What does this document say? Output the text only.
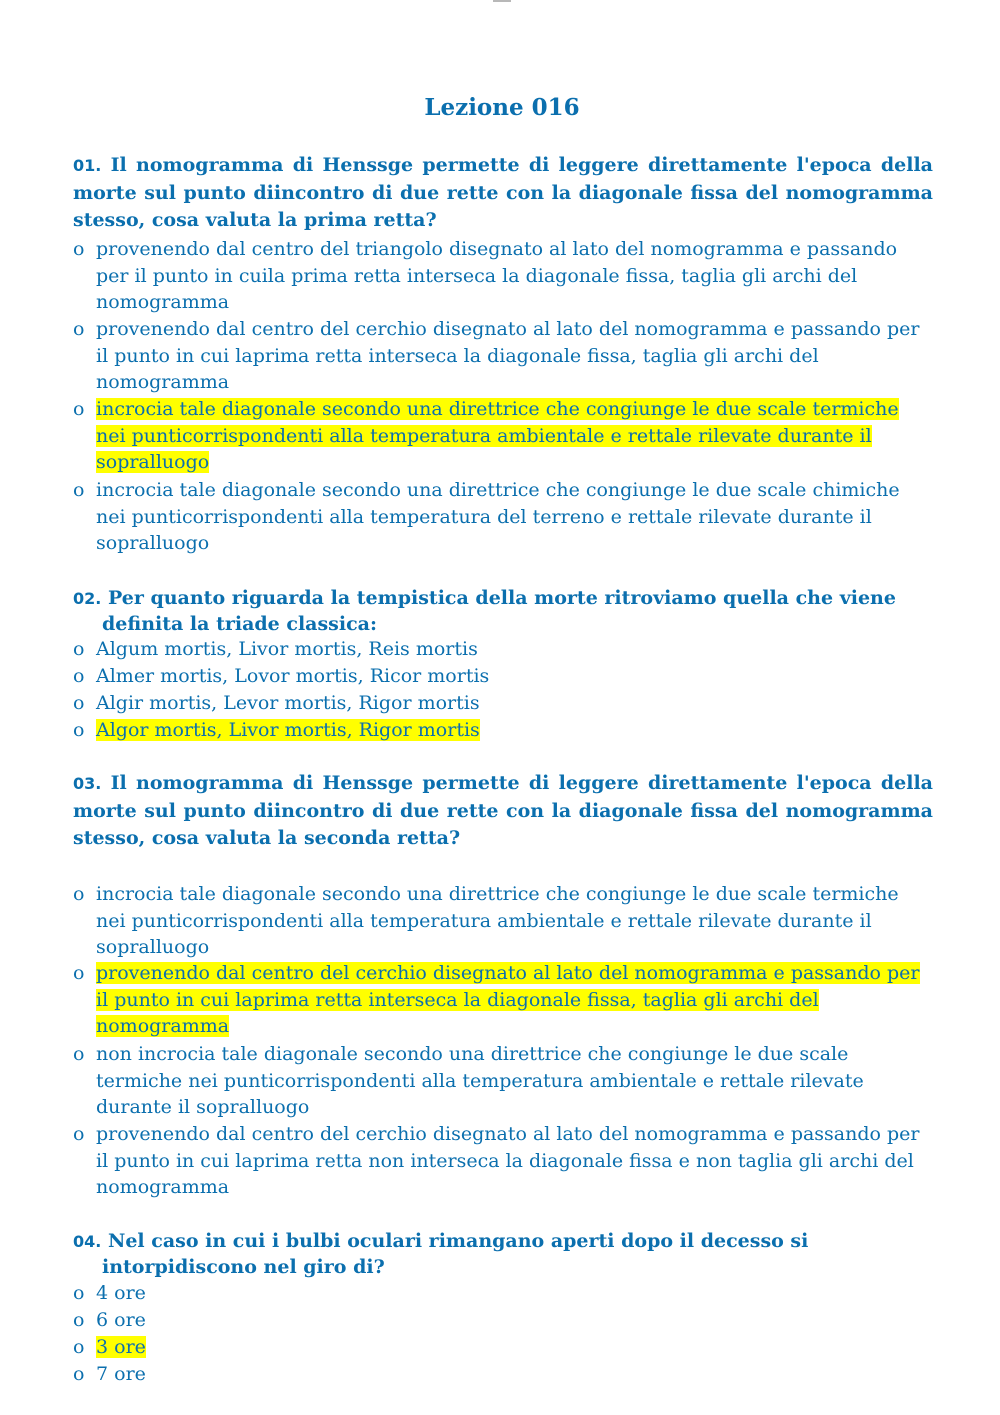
Lezione 016
01. Il nomogramma di Henssge permette di leggere direttamente l'epoca della morte sul punto diincontro di due rette con la diagonale fissa del nomogramma stesso, cosa valuta la prima retta?
o provenendo dal centro del triangolo disegnato al lato del nomogramma e passando per il punto in cuila prima retta interseca la diagonale fissa, taglia gli archi del nomogramma
o provenendo dal centro del cerchio disegnato al lato del nomogramma e passando per il punto in cui laprima retta interseca la diagonale fissa, taglia gli archi del nomogramma
o incrocia tale diagonale secondo una direttrice che congiunge le due scale termiche nei punticorrispondenti alla temperatura ambientale e rettale rilevate durante il sopralluogo
o incrocia tale diagonale secondo una direttrice che congiunge le due scale chimiche nei punticorrispondenti alla temperatura del terreno e rettale rilevate durante il sopralluogo
02. Per quanto riguarda la tempistica della morte ritroviamo quella che viene definita la triade classica:
o Algum mortis, Livor mortis, Reis mortis
o Almer mortis, Lovor mortis, Ricor mortis
o Algir mortis, Levor mortis, Rigor mortis
o Algor mortis, Livor mortis, Rigor mortis
03. Il nomogramma di Henssge permette di leggere direttamente l'epoca della morte sul punto diincontro di due rette con la diagonale fissa del nomogramma stesso, cosa valuta la seconda retta?
o incrocia tale diagonale secondo una direttrice che congiunge le due scale termiche nei punticorrispondenti alla temperatura ambientale e rettale rilevate durante il sopralluogo
o provenendo dal centro del cerchio disegnato al lato del nomogramma e passando per il punto in cui laprima retta interseca la diagonale fissa, taglia gli archi del nomogramma
o non incrocia tale diagonale secondo una direttrice che congiunge le due scale termiche nei punticorrispondenti alla temperatura ambientale e rettale rilevate durante il sopralluogo
o provenendo dal centro del cerchio disegnato al lato del nomogramma e passando per il punto in cui laprima retta non interseca la diagonale fissa e non taglia gli archi del nomogramma
04. Nel caso in cui i bulbi oculari rimangano aperti dopo il decesso si intorpidiscono nel giro di?
o 4 ore
o 6 ore
o 3 ore
o 7 ore
